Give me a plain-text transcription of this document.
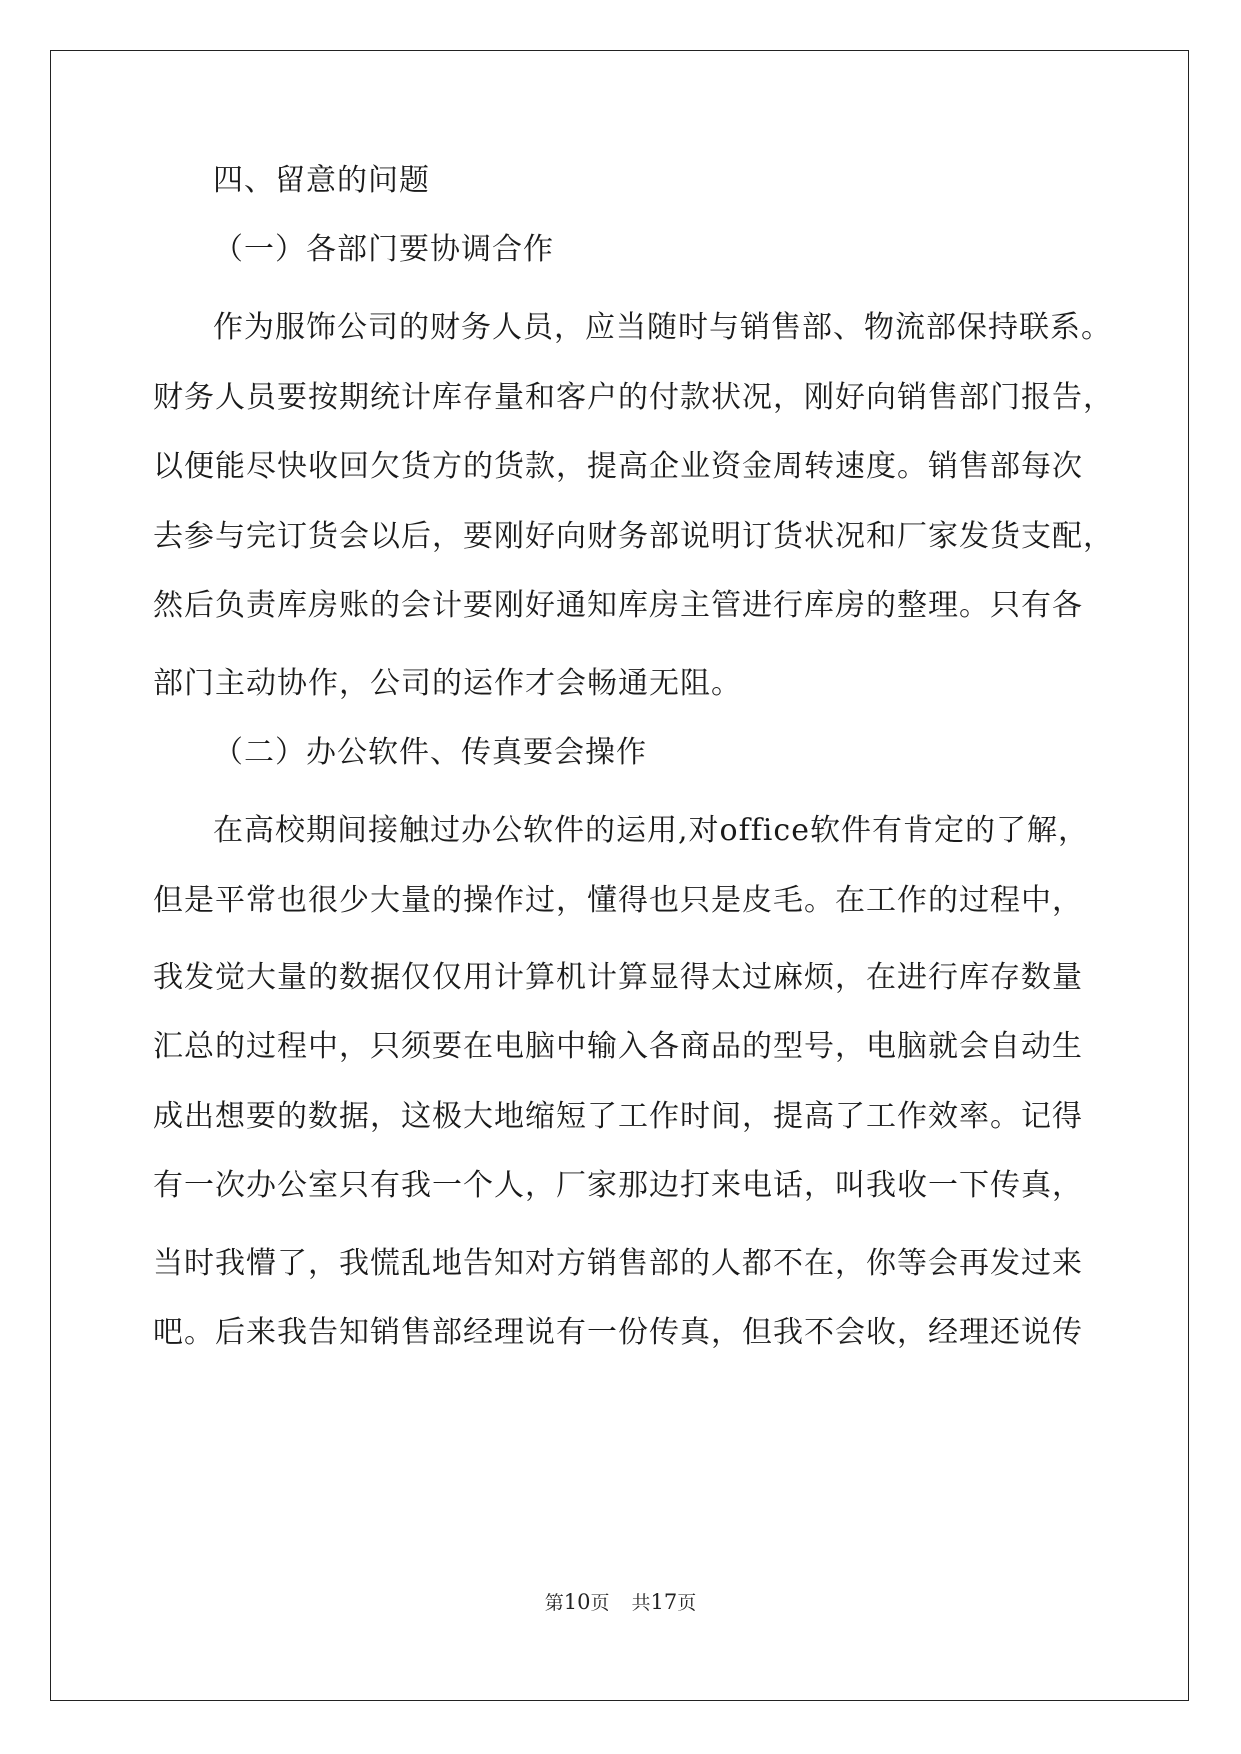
四、留意的问题
（一）各部门要协调合作
作为服饰公司的财务人员，应当随时与销售部、物流部保持联系。
财务人员要按期统计库存量和客户的付款状况，刚好向销售部门报告，
以便能尽快收回欠货方的货款，提高企业资金周转速度。销售部每次
去参与完订货会以后，要刚好向财务部说明订货状况和厂家发货支配，
然后负责库房账的会计要刚好通知库房主管进行库房的整理。只有各
部门主动协作，公司的运作才会畅通无阻。
（二）办公软件、传真要会操作
在高校期间接触过办公软件的运用,对office软件有肯定的了解，
但是平常也很少大量的操作过，懂得也只是皮毛。在工作的过程中，
我发觉大量的数据仅仅用计算机计算显得太过麻烦，在进行库存数量
汇总的过程中，只须要在电脑中输入各商品的型号，电脑就会自动生
成出想要的数据，这极大地缩短了工作时间，提高了工作效率。记得
有一次办公室只有我一个人，厂家那边打来电话，叫我收一下传真，
当时我懵了，我慌乱地告知对方销售部的人都不在，你等会再发过来
吧。后来我告知销售部经理说有一份传真，但我不会收，经理还说传
第10页 共17页
